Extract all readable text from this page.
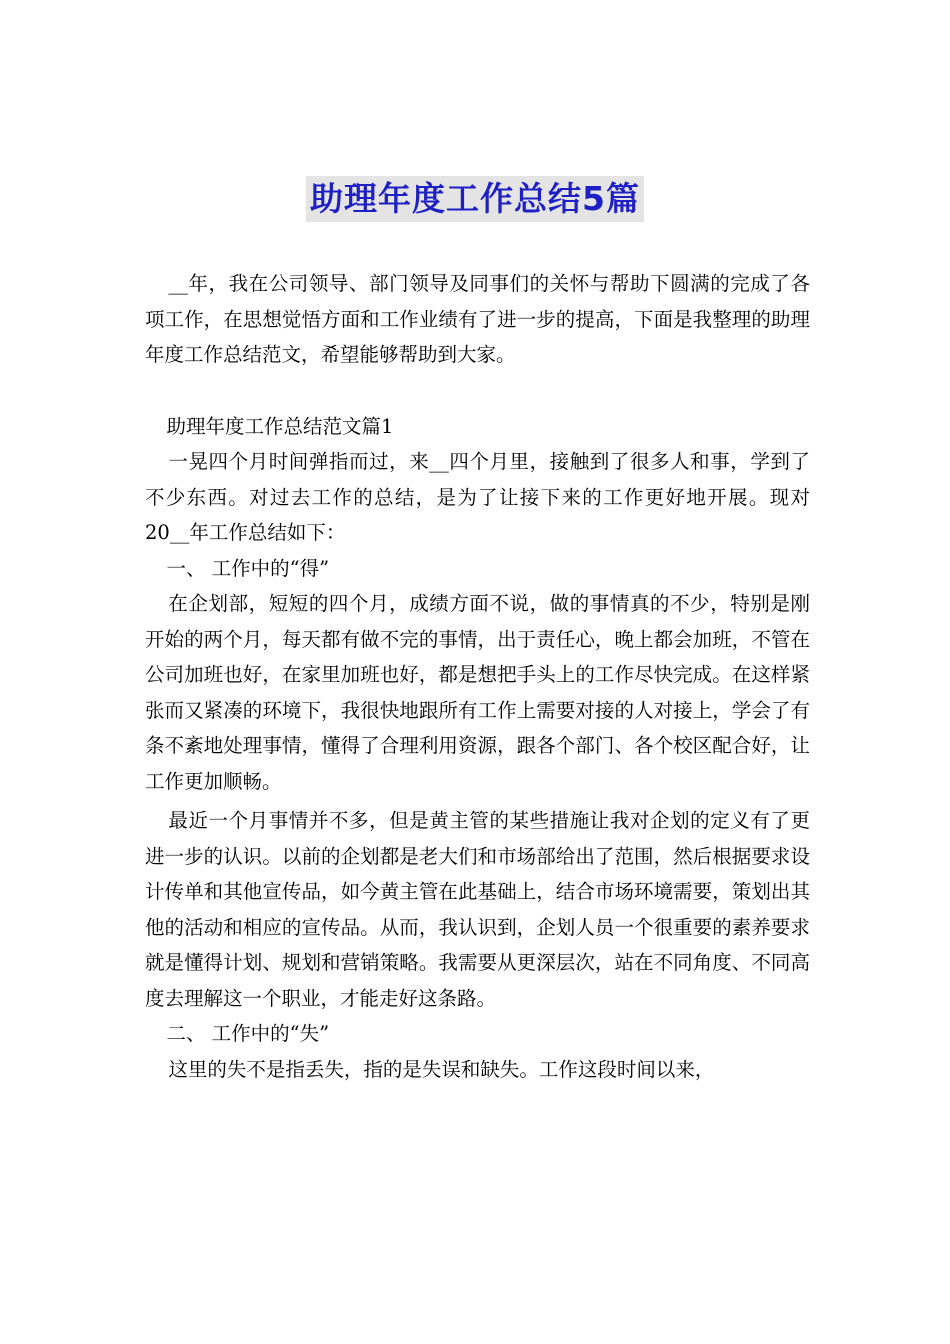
助理年度工作总结5篇

__年，我在公司领导、部门领导及同事们的关怀与帮助下圆满的完成了各项工作，在思想觉悟方面和工作业绩有了进一步的提高，下面是我整理的助理年度工作总结范文，希望能够帮助到大家。

助理年度工作总结范文篇1

一晃四个月时间弹指而过，来__四个月里，接触到了很多人和事，学到了不少东西。对过去工作的总结，是为了让接下来的工作更好地开展。现对20__年工作总结如下：

一、 工作中的“得”

在企划部，短短的四个月，成绩方面不说，做的事情真的不少，特别是刚开始的两个月，每天都有做不完的事情，出于责任心，晚上都会加班，不管在公司加班也好，在家里加班也好，都是想把手头上的工作尽快完成。在这样紧张而又紧凑的环境下，我很快地跟所有工作上需要对接的人对接上，学会了有条不紊地处理事情，懂得了合理利用资源，跟各个部门、各个校区配合好，让工作更加顺畅。

最近一个月事情并不多，但是黄主管的某些措施让我对企划的定义有了更进一步的认识。以前的企划都是老大们和市场部给出了范围，然后根据要求设计传单和其他宣传品，如今黄主管在此基础上，结合市场环境需要，策划出其他的活动和相应的宣传品。从而，我认识到，企划人员一个很重要的素养要求就是懂得计划、规划和营销策略。我需要从更深层次，站在不同角度、不同高度去理解这一个职业，才能走好这条路。

二、 工作中的“失”

这里的失不是指丢失，指的是失误和缺失。工作这段时间以来，
